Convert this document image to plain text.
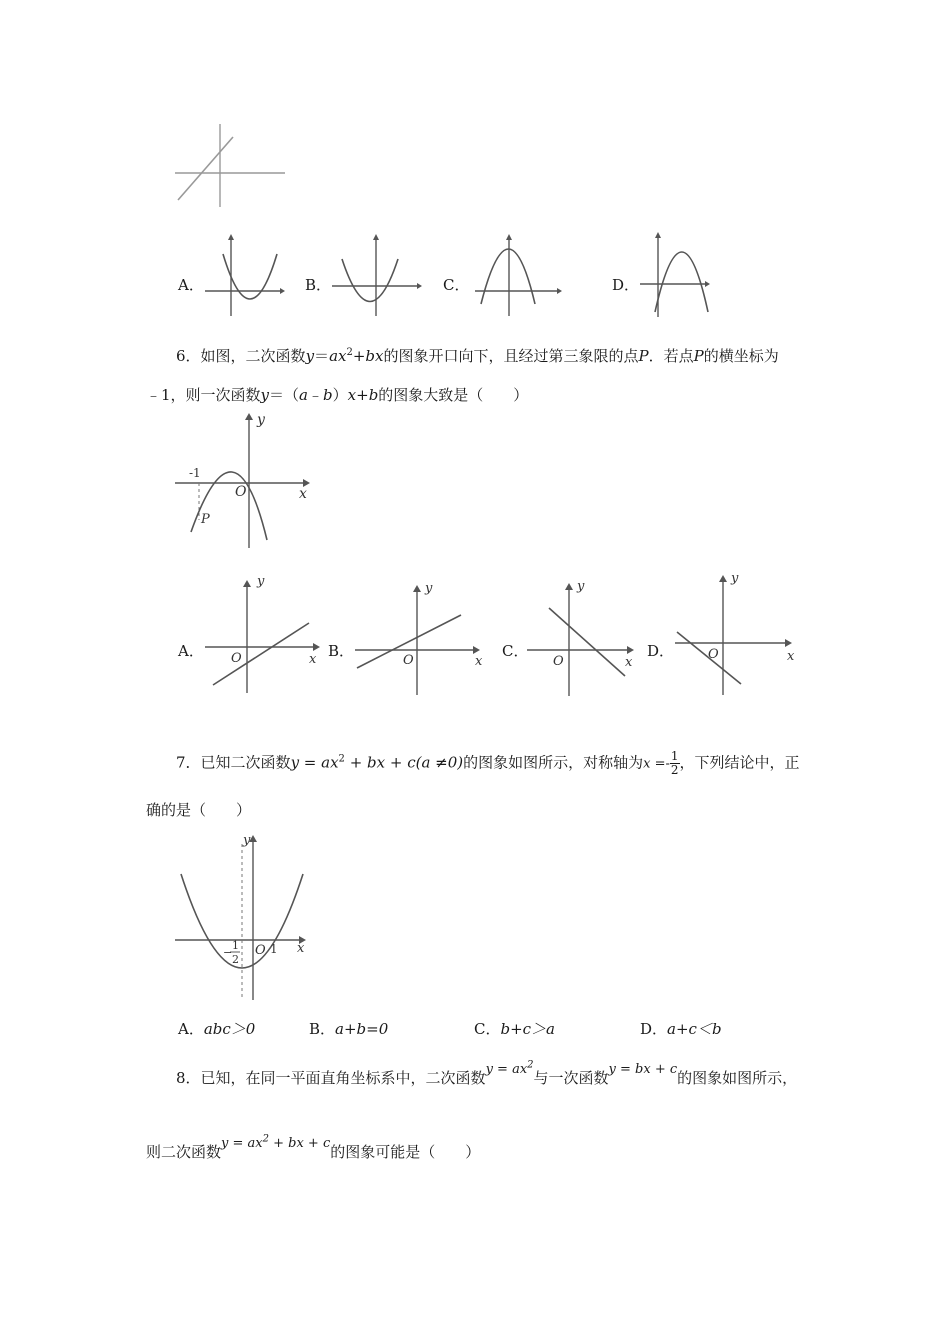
A．	B．	C．	D．
6．如图，二次函数$y=ax^2+bx$的图象开口向下，且经过第三象限的点P．若点P的横坐标为
﹣1，则一次函数y＝（a﹣b）x+b的图象大致是（　　）
y
x
O
-1
P
A．
y
x
O	B．
y
x
O
C．
y
x
O
D．
y
x
O
7．已知二次函数$y = ax^2$ + bx + c(a ≠0)的图象如图所示，对称轴为$x =- \frac{1}{2}$ ，下列结论中，正
确的是（　　）
y
x
O 1
−
1
2
A．abc＞0	B．a+b=0	C．b+c＞a	D．a+c＜b
8．已知，在同一平面直角坐标系中，二次函数$y = ax^2$与一次函数y = bx + c的图象如图所示，
则二次函数$y = ax^2$ + bx + c的图象可能是（　　）
